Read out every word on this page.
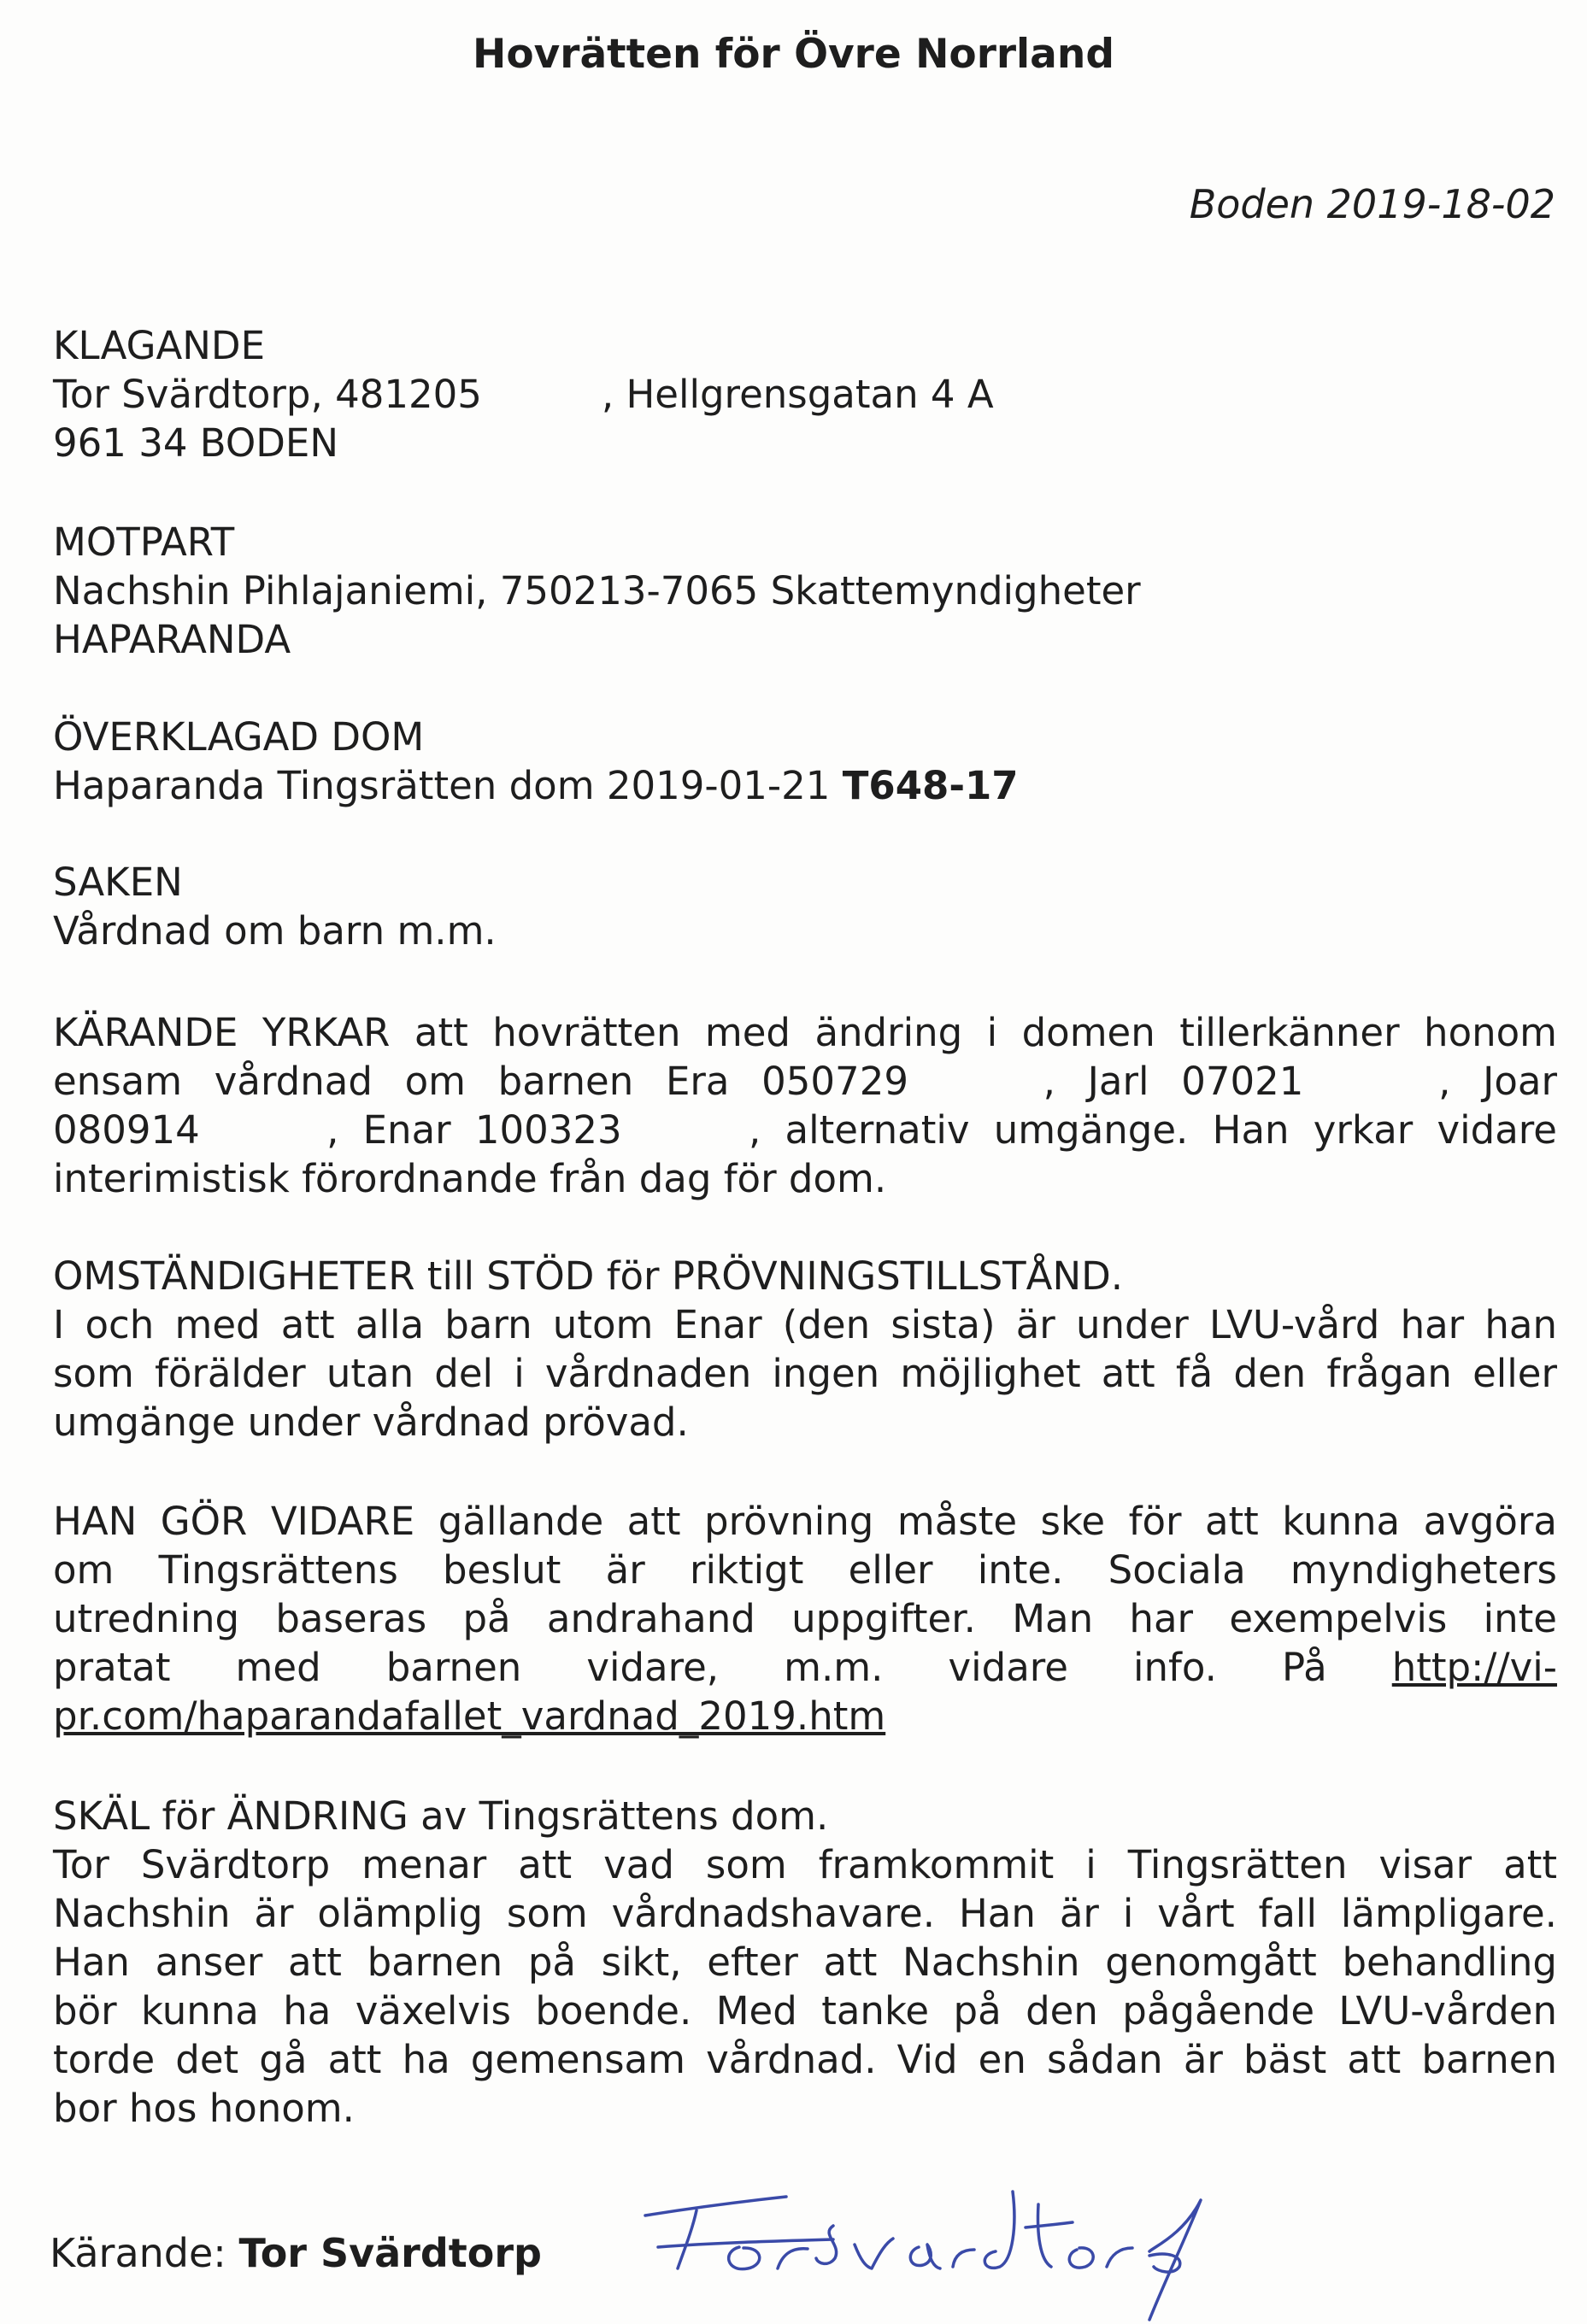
Hovrätten för Övre Norrland
Boden 2019-18-02
KLAGANDE
Tor Svärdtorp, 481205	, Hellgrensgatan 4 A
961 34 BODEN
MOTPART
Nachshin Pihlajaniemi, 750213-7065 Skattemyndigheter
HAPARANDA
ÖVERKLAGAD DOM
Haparanda Tingsrätten dom 2019-01-21 T648-17
SAKEN
Vårdnad om barn m.m.
KÄRANDE YRKAR att hovrätten med ändring i domen tillerkänner honom
ensam vårdnad om barnen Era 050729	, Jarl 07021	, Joar
080914	, Enar 100323	, alternativ umgänge. Han yrkar vidare
interimistisk förordnande från dag för dom.
OMSTÄNDIGHETER till STÖD för PRÖVNINGSTILLSTÅND.
I och med att alla barn utom Enar (den sista) är under LVU-vård har han
som förälder utan del i vårdnaden ingen möjlighet att få den frågan eller
umgänge under vårdnad prövad.
HAN GÖR VIDARE gällande att prövning måste ske för att kunna avgöra
om Tingsrättens beslut är riktigt eller inte. Sociala myndigheters
utredning baseras på andrahand uppgifter. Man har exempelvis inte
pratat med barnen vidare, m.m. vidare info. På http://vi-
pr.com/haparandafallet_vardnad_2019.htm
SKÄL för ÄNDRING av Tingsrättens dom.
Tor Svärdtorp menar att vad som framkommit i Tingsrätten visar att
Nachshin är olämplig som vårdnadshavare. Han är i vårt fall lämpligare.
Han anser att barnen på sikt, efter att Nachshin genomgått behandling
bör kunna ha växelvis boende. Med tanke på den pågående LVU-vården
torde det gå att ha gemensam vårdnad. Vid en sådan är bäst att barnen
bor hos honom.
Kärande: Tor Svärdtorp
